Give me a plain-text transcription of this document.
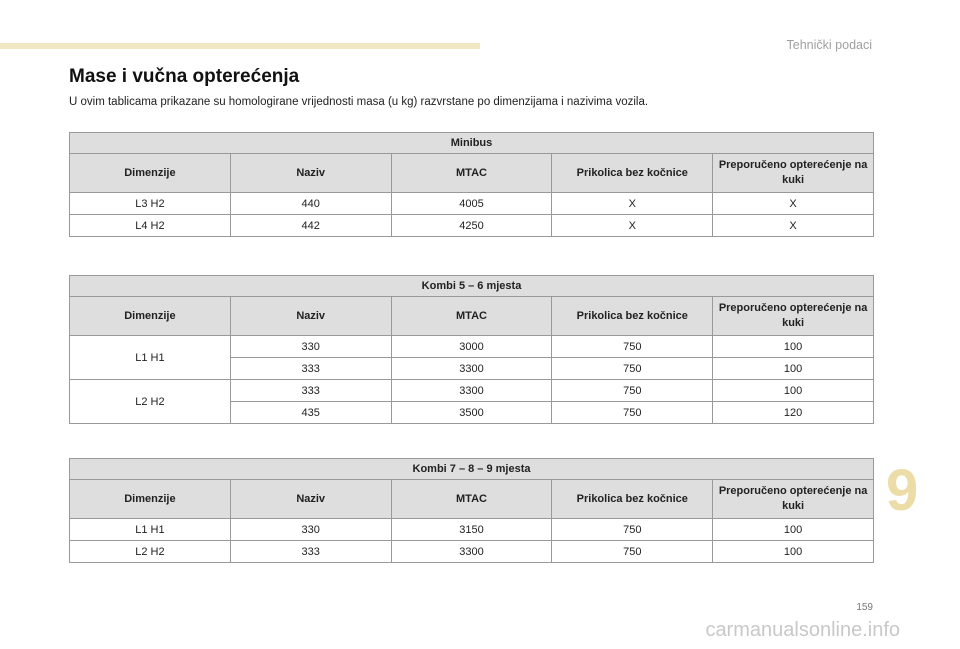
Tehnički podaci
Mase i vučna opterećenja

U ovim tablicama prikazane su homologirane vrijednosti masa (u kg) razvrstane po dimenzijama i nazivima vozila.

Minibus				
Dimenzije	Naziv	MTAC	Prikolica bez kočnice	Preporučeno opterećenje na kuki
L3 H2	440	4005	X	X
L4 H2	442	4250	X	X
Kombi 5 – 6 mjesta				
Dimenzije	Naziv	MTAC	Prikolica bez kočnice	Preporučeno opterećenje na kuki
L1 H1	330	3000	750	100
	333	3300	750	100
L2 H2	333	3300	750	100
	435	3500	750	120
Kombi 7 – 8 – 9 mjesta				
Dimenzije	Naziv	MTAC	Prikolica bez kočnice	Preporučeno opterećenje na kuki
L1 H1	330	3150	750	100
L2 H2	333	3300	750	100
9
159
carmanualsonline.info
